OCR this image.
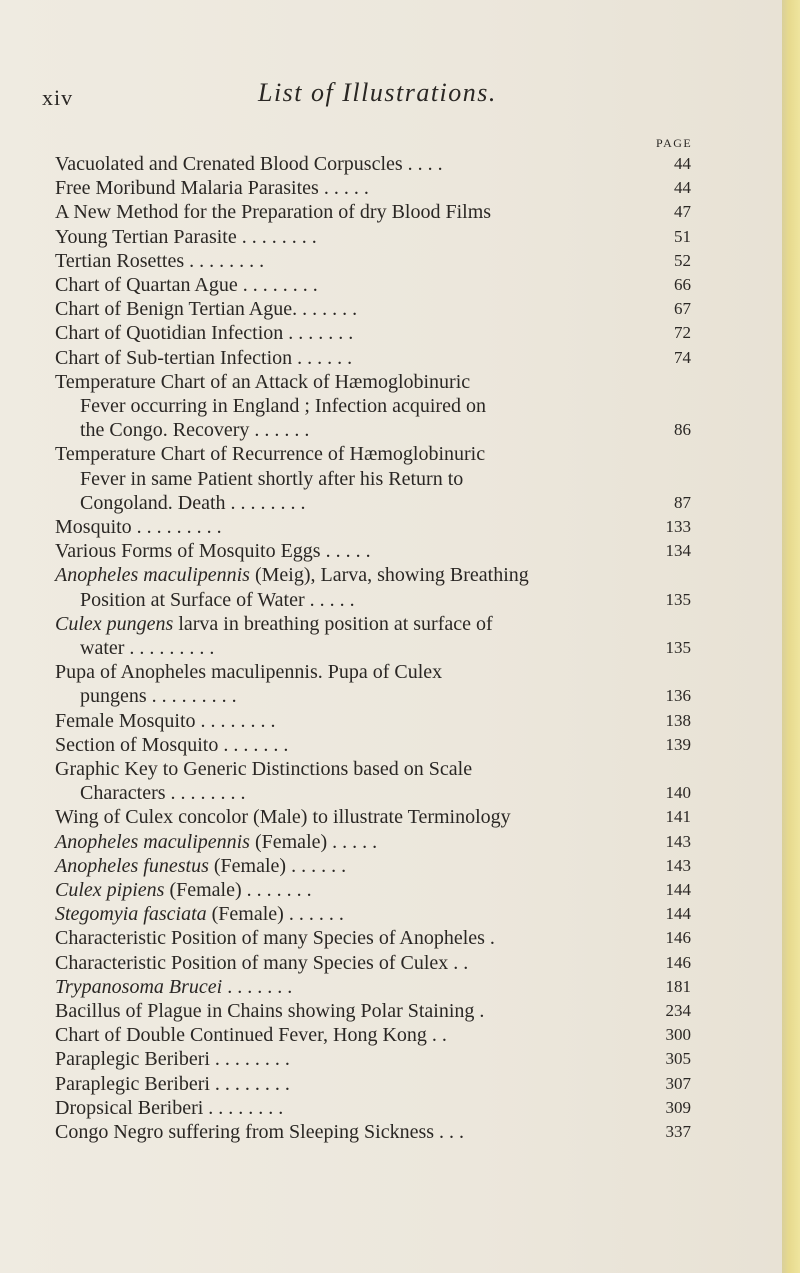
xiv	List of Illustrations.
PAGE
Vacuolated and Crenated Blood Corpuscles . . . .	44
Free Moribund Malaria Parasites . . . . .	44
A New Method for the Preparation of dry Blood Films	47
Young Tertian Parasite . . . . . . . .	51
Tertian Rosettes . . . . . . . .	52
Chart of Quartan Ague . . . . . . . .	66
Chart of Benign Tertian Ague. . . . . . .	67
Chart of Quotidian Infection . . . . . . .	72
Chart of Sub-tertian Infection . . . . . .	74
Temperature Chart of an Attack of Hæmoglobinuric
Fever occurring in England ; Infection acquired on
the Congo. Recovery . . . . . .	86
Temperature Chart of Recurrence of Hæmoglobinuric
Fever in same Patient shortly after his Return to
Congoland. Death . . . . . . . .	87
Mosquito . . . . . . . . .	133
Various Forms of Mosquito Eggs . . . . .	134
Anopheles maculipennis (Meig), Larva, showing Breathing
Position at Surface of Water . . . . .	135
Culex pungens larva in breathing position at surface of
water . . . . . . . . .	135
Pupa of Anopheles maculipennis. Pupa of Culex
pungens . . . . . . . . .	136
Female Mosquito . . . . . . . .	138
Section of Mosquito . . . . . . .	139
Graphic Key to Generic Distinctions based on Scale
Characters . . . . . . . .	140
Wing of Culex concolor (Male) to illustrate Terminology	141
Anopheles maculipennis (Female) . . . . .	143
Anopheles funestus (Female) . . . . . .	143
Culex pipiens (Female) . . . . . . .	144
Stegomyia fasciata (Female) . . . . . .	144
Characteristic Position of many Species of Anopheles .	146
Characteristic Position of many Species of Culex . .	146
Trypanosoma Brucei . . . . . . .	181
Bacillus of Plague in Chains showing Polar Staining .	234
Chart of Double Continued Fever, Hong Kong . .	300
Paraplegic Beriberi . . . . . . . .	305
Paraplegic Beriberi . . . . . . . .	307
Dropsical Beriberi . . . . . . . .	309
Congo Negro suffering from Sleeping Sickness . . .	337
